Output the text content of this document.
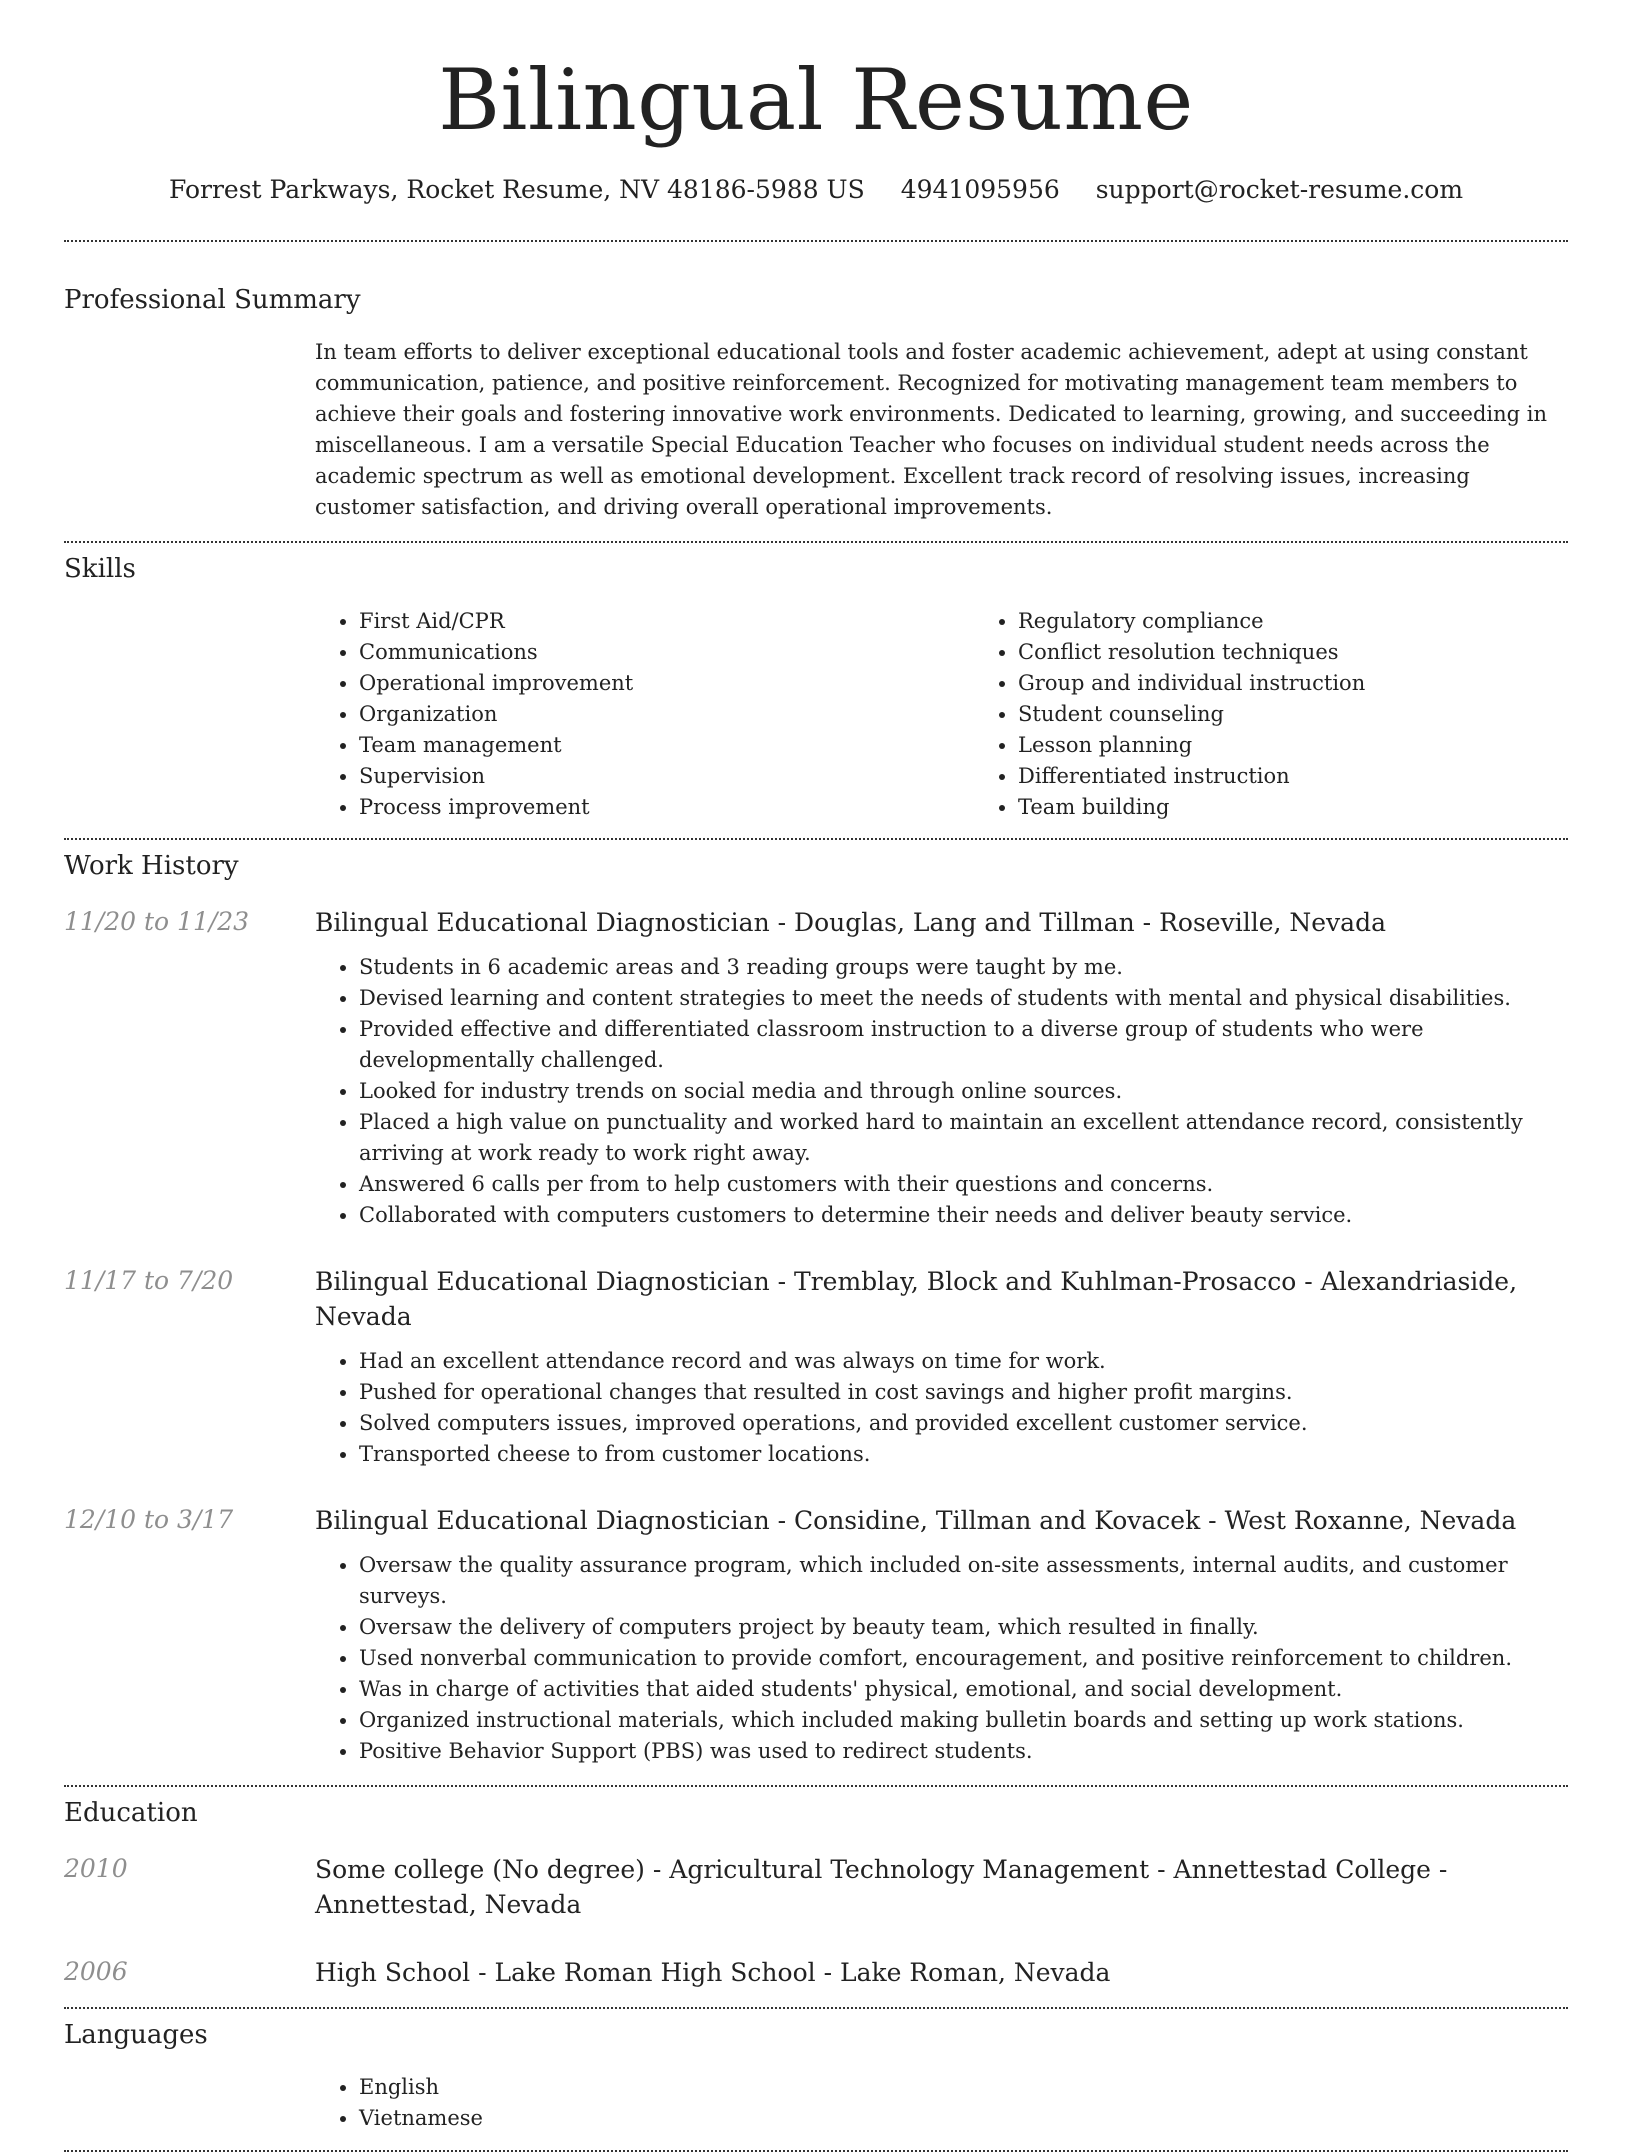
Bilingual Resume
Forrest Parkways, Rocket Resume, NV 48186-5988 US 4941095956 support@rocket-resume.com
Professional Summary
In team efforts to deliver exceptional educational tools and foster academic achievement, adept at using constant communication, patience, and positive reinforcement. Recognized for motivating management team members to achieve their goals and fostering innovative work environments. Dedicated to learning, growing, and succeeding in miscellaneous. I am a versatile Special Education Teacher who focuses on individual student needs across the academic spectrum as well as emotional development. Excellent track record of resolving issues, increasing customer satisfaction, and driving overall operational improvements.
Skills
• First Aid/CPR
• Communications
• Operational improvement
• Organization
• Team management
• Supervision
• Process improvement
• Regulatory compliance
• Conflict resolution techniques
• Group and individual instruction
• Student counseling
• Lesson planning
• Differentiated instruction
• Team building
Work History
11/20 to 11/23	Bilingual Educational Diagnostician - Douglas, Lang and Tillman - Roseville, Nevada
• Students in 6 academic areas and 3 reading groups were taught by me.
• Devised learning and content strategies to meet the needs of students with mental and physical disabilities.
• Provided effective and differentiated classroom instruction to a diverse group of students who were developmentally challenged.
• Looked for industry trends on social media and through online sources.
• Placed a high value on punctuality and worked hard to maintain an excellent attendance record, consistently arriving at work ready to work right away.
• Answered 6 calls per from to help customers with their questions and concerns.
• Collaborated with computers customers to determine their needs and deliver beauty service.
11/17 to 7/20	Bilingual Educational Diagnostician - Tremblay, Block and Kuhlman-Prosacco - Alexandriaside, Nevada
• Had an excellent attendance record and was always on time for work.
• Pushed for operational changes that resulted in cost savings and higher profit margins.
• Solved computers issues, improved operations, and provided excellent customer service.
• Transported cheese to from customer locations.
12/10 to 3/17	Bilingual Educational Diagnostician - Considine, Tillman and Kovacek - West Roxanne, Nevada
• Oversaw the quality assurance program, which included on-site assessments, internal audits, and customer surveys.
• Oversaw the delivery of computers project by beauty team, which resulted in finally.
• Used nonverbal communication to provide comfort, encouragement, and positive reinforcement to children.
• Was in charge of activities that aided students' physical, emotional, and social development.
• Organized instructional materials, which included making bulletin boards and setting up work stations.
• Positive Behavior Support (PBS) was used to redirect students.
Education
2010	Some college (No degree) - Agricultural Technology Management - Annettestad College - Annettestad, Nevada
2006	High School - Lake Roman High School - Lake Roman, Nevada
Languages
• English
• Vietnamese
